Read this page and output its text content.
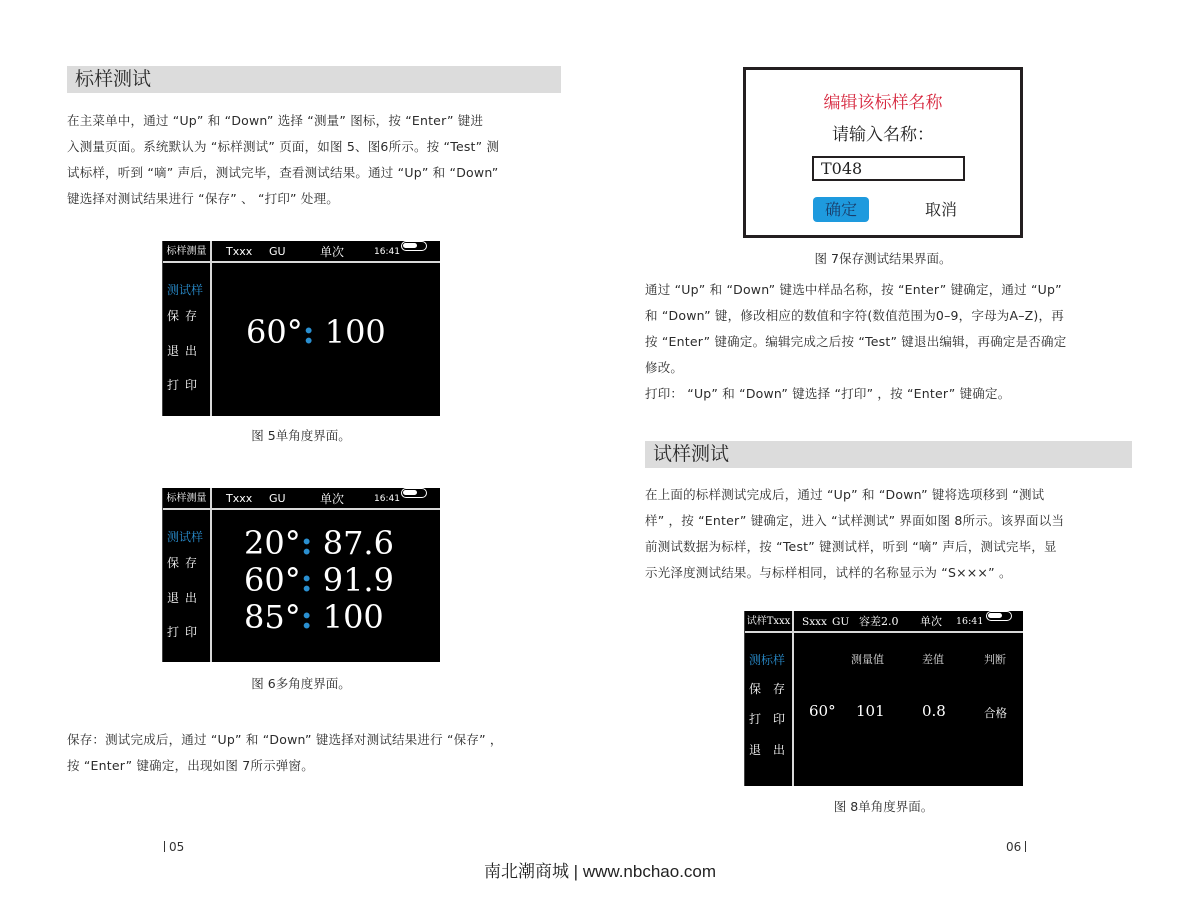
标样测试
在主菜单中，通过 “Up” 和 “Down” 选择 “测量” 图标，按 “Enter” 键进
入测量页面。系统默认为 “标样测试” 页面，如图 5、图6所示。按 “Test” 测
试标样，听到 “嘀” 声后，测试完毕，查看测试结果。通过 “Up” 和 “Down”
键选择对测试结果进行 “保存” 、 “打印” 处理。
标样测量
测试样
保存
退出
打印
Txxx GU	单次	16:41
60°: 100
图 5单角度界面。
标样测量
测试样
保存
退出
打印
Txxx GU	单次	16:41
20°: 87.6
60°: 91.9
85°: 100
图 6多角度界面。
保存：测试完成后，通过 “Up” 和 “Down” 键选择对测试结果进行 “保存” ，
按 “Enter” 键确定，出现如图 7所示弹窗。
05
编辑该标样名称
请输入名称：
T048
确定	取消
图 7保存测试结果界面。
通过 “Up” 和 “Down” 键选中样品名称，按 “Enter” 键确定，通过 “Up”
和 “Down” 键，修改相应的数值和字符(数值范围为0–9，字母为A–Z)，再
按 “Enter” 键确定。编辑完成之后按 “Test” 键退出编辑，再确定是否确定
修改。
打印： “Up” 和 “Down” 键选择 “打印” ，按 “Enter” 键确定。
试样测试
在上面的标样测试完成后，通过 “Up” 和 “Down” 键将选项移到 “测试
样” ，按 “Enter” 键确定，进入 “试样测试” 界面如图 8所示。该界面以当
前测试数据为标样，按 “Test” 键测试样，听到 “嘀” 声后，测试完毕，显
示光泽度测试结果。与标样相同，试样的名称显示为 “S×××” 。
试样Txxx
测标样
保存
打印
退出
Sxxx GU 容差2.0 单次 16:41
测量值	差值	判断
60° 101 0.8	合格
图 8单角度界面。
06
南北潮商城 | www.nbchao.com
